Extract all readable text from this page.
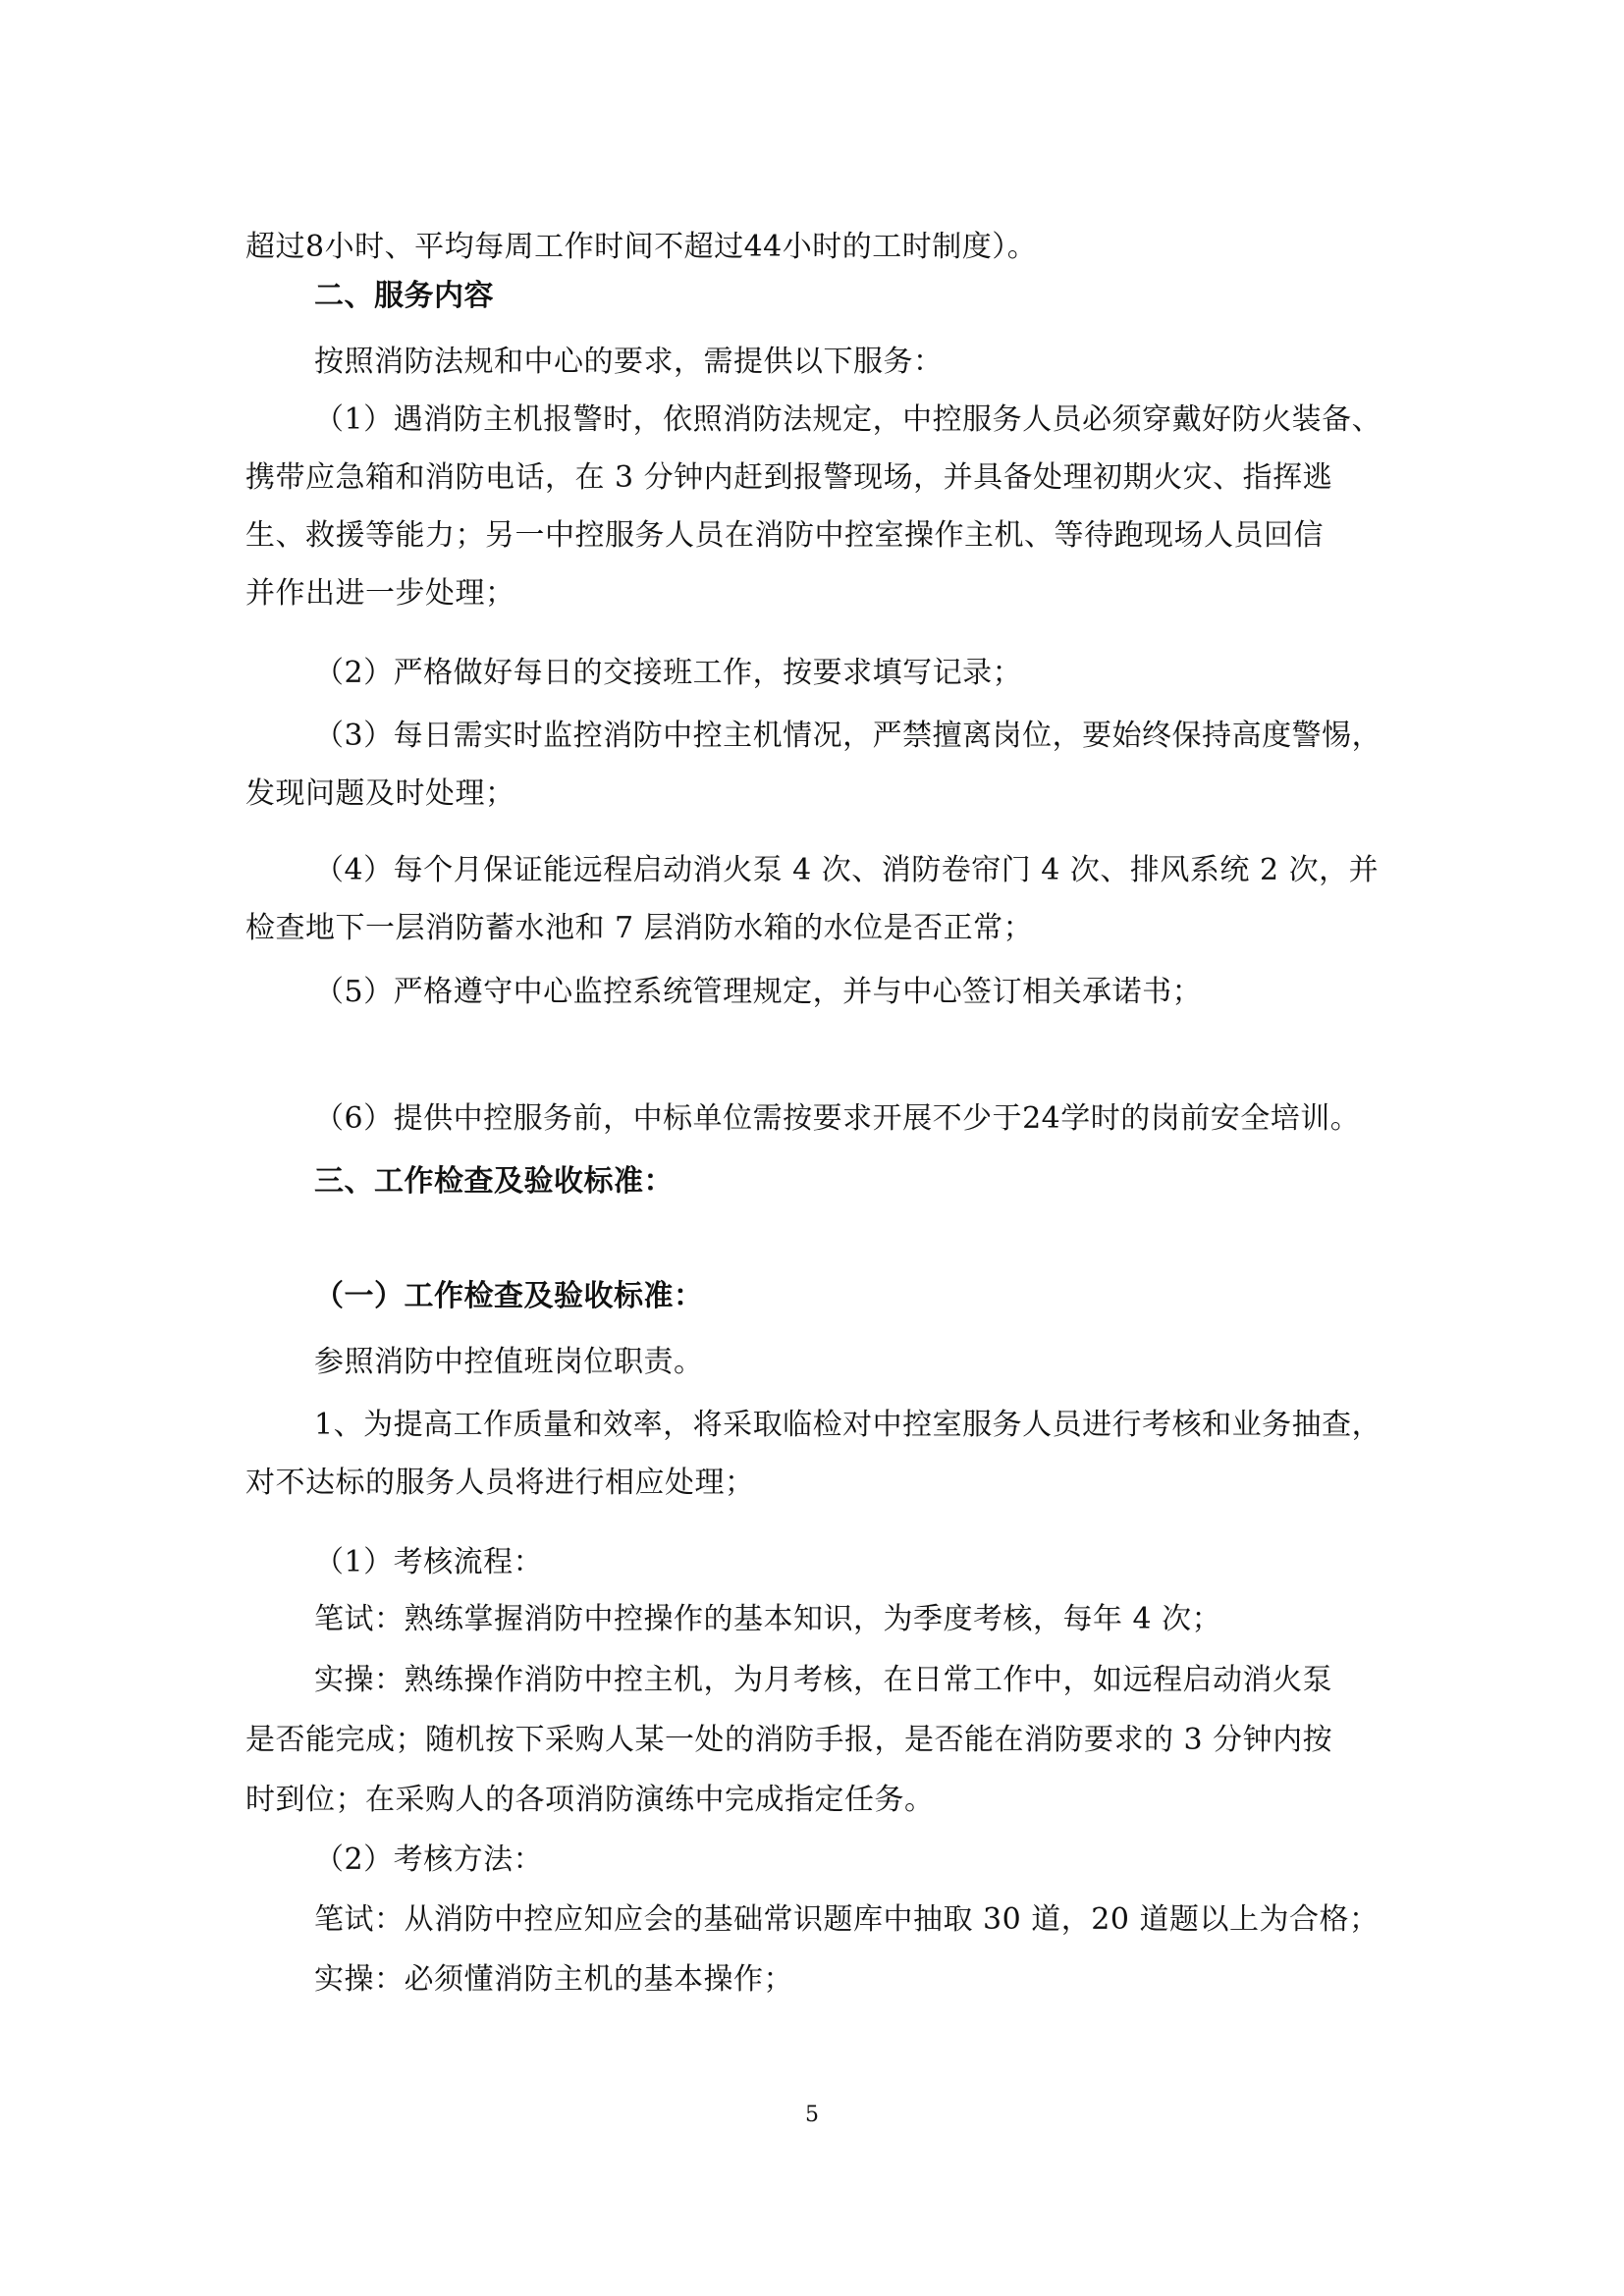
超过8小时、平均每周工作时间不超过44小时的工时制度）。
二、服务内容
按照消防法规和中心的要求，需提供以下服务：
（1）遇消防主机报警时，依照消防法规定，中控服务人员必须穿戴好防火装备、
携带应急箱和消防电话，在 3 分钟内赶到报警现场，并具备处理初期火灾、指挥逃
生、救援等能力；另一中控服务人员在消防中控室操作主机、等待跑现场人员回信
并作出进一步处理；
（2）严格做好每日的交接班工作，按要求填写记录；
（3）每日需实时监控消防中控主机情况，严禁擅离岗位，要始终保持高度警惕，
发现问题及时处理；
（4）每个月保证能远程启动消火泵 4 次、消防卷帘门 4 次、排风系统 2 次，并
检查地下一层消防蓄水池和 7 层消防水箱的水位是否正常；
（5）严格遵守中心监控系统管理规定，并与中心签订相关承诺书；
（6）提供中控服务前，中标单位需按要求开展不少于24学时的岗前安全培训。
三、工作检查及验收标准：
（一）工作检查及验收标准：
参照消防中控值班岗位职责。
1、为提高工作质量和效率，将采取临检对中控室服务人员进行考核和业务抽查，
对不达标的服务人员将进行相应处理；
（1）考核流程：
笔试：熟练掌握消防中控操作的基本知识，为季度考核，每年 4 次；
实操：熟练操作消防中控主机，为月考核，在日常工作中，如远程启动消火泵
是否能完成；随机按下采购人某一处的消防手报，是否能在消防要求的 3 分钟内按
时到位；在采购人的各项消防演练中完成指定任务。
（2）考核方法：
笔试：从消防中控应知应会的基础常识题库中抽取 30 道，20 道题以上为合格；
实操：必须懂消防主机的基本操作；
5
